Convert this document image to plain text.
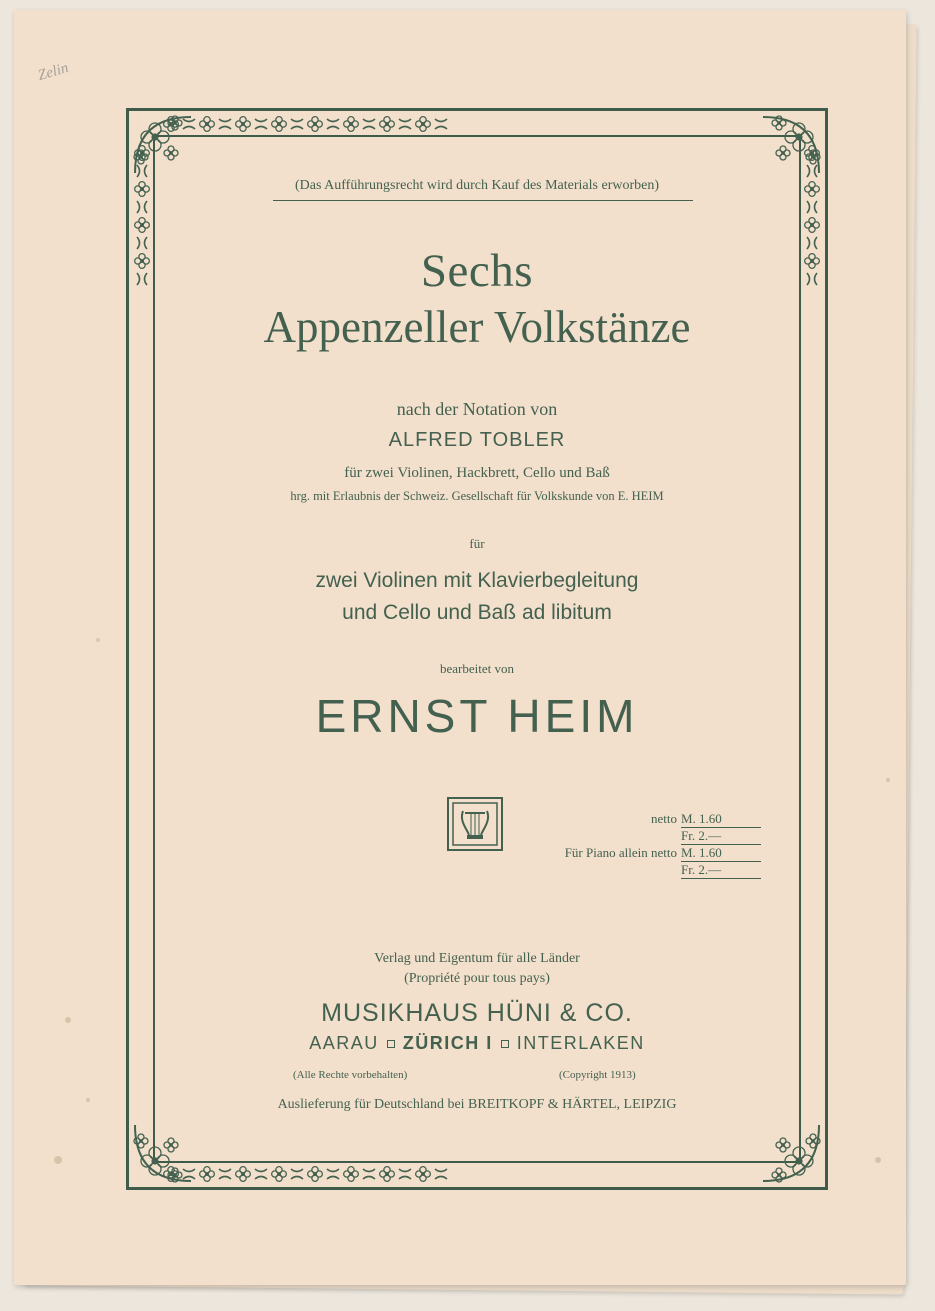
Zelin
(Das Aufführungsrecht wird durch Kauf des Materials erworben)
Sechs
Appenzeller Volkstänze
nach der Notation von
ALFRED TOBLER
für zwei Violinen, Hackbrett, Cello und Baß
hrg. mit Erlaubnis der Schweiz. Gesellschaft für Volkskunde von E. HEIM
für
zwei Violinen mit Klavierbegleitung
und Cello und Baß ad libitum
bearbeitet von
ERNST HEIM
netto M. 1.60
Fr. 2.—
Für Piano allein netto M. 1.60
Fr. 2.—
Verlag und Eigentum für alle Länder
(Propriété pour tous pays)
MUSIKHAUS HÜNI & CO.
AARAU ZÜRICH I INTERLAKEN
(Alle Rechte vorbehalten)	(Copyright 1913)
Auslieferung für Deutschland bei BREITKOPF & HÄRTEL, LEIPZIG
